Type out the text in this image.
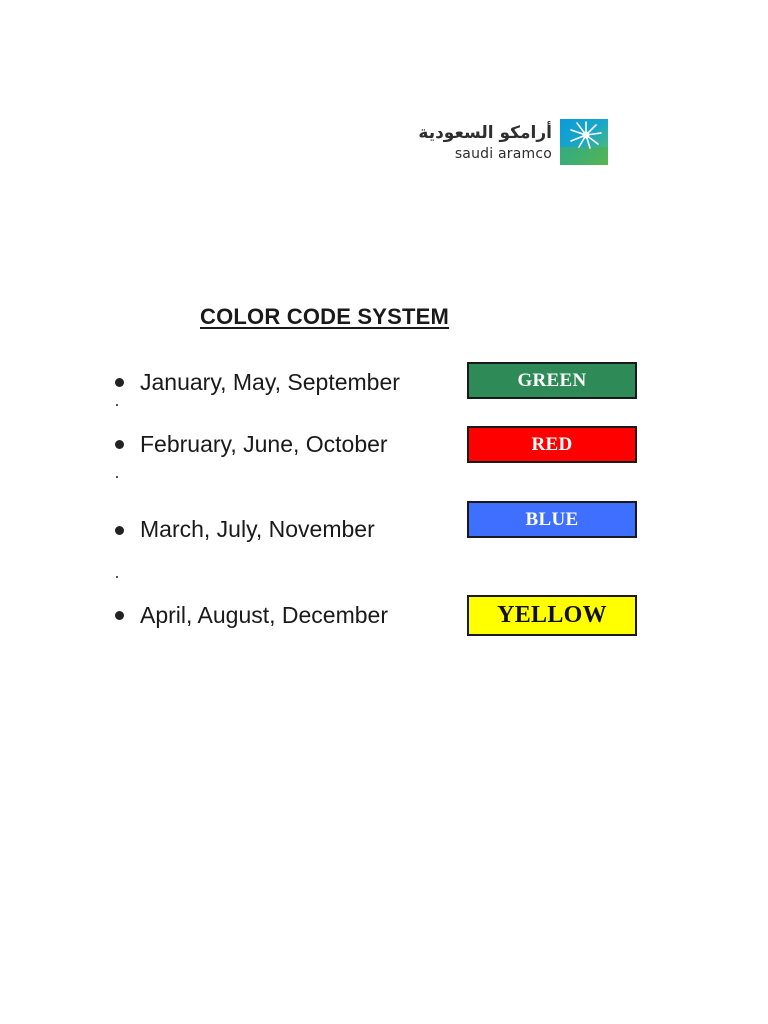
أرامكو السعودية
saudi aramco
COLOR CODE SYSTEM
January, May, September	GREEN
February, June, October	RED
March, July, November	BLUE
April, August, December	YELLOW
